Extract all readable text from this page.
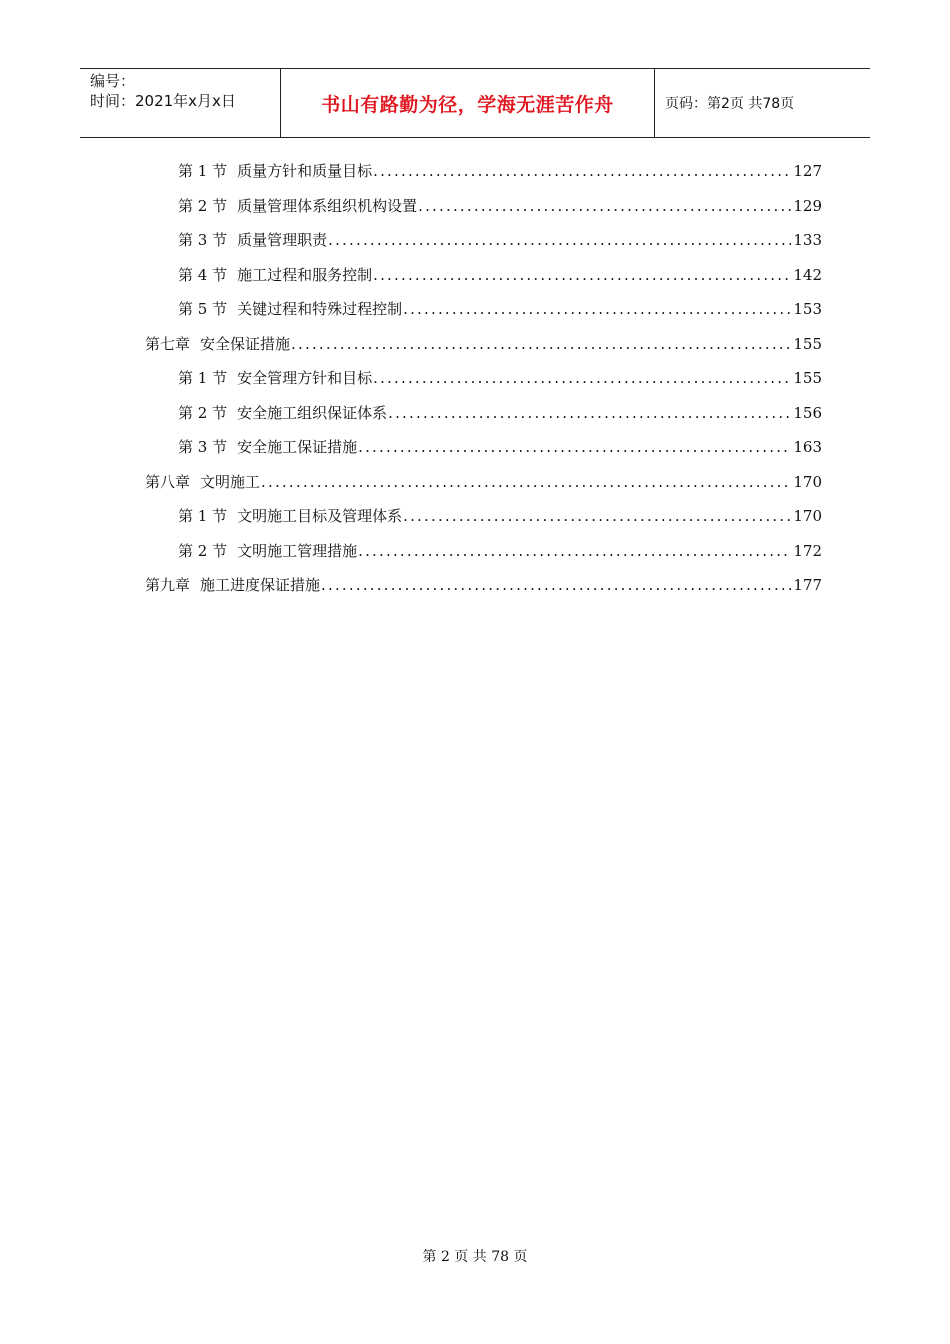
编号：
时间：2021年x月x日	书山有路勤为径，学海无涯苦作舟	页码：第2页 共78页
第 1 节 质量方针和质量目标 .....	127
第 2 节 质量管理体系组织机构设置 .....	129
第 3 节 质量管理职责 .....	133
第 4 节 施工过程和服务控制 .....	142
第 5 节 关键过程和特殊过程控制 .....	153
第七章 安全保证措施 .....	155
第 1 节 安全管理方针和目标 .....	155
第 2 节 安全施工组织保证体系 .....	156
第 3 节 安全施工保证措施 .....	163
第八章 文明施工 .....	170
第 1 节 文明施工目标及管理体系 .....	170
第 2 节 文明施工管理措施 .....	172
第九章 施工进度保证措施 .....	177
第 2 页 共 78 页
